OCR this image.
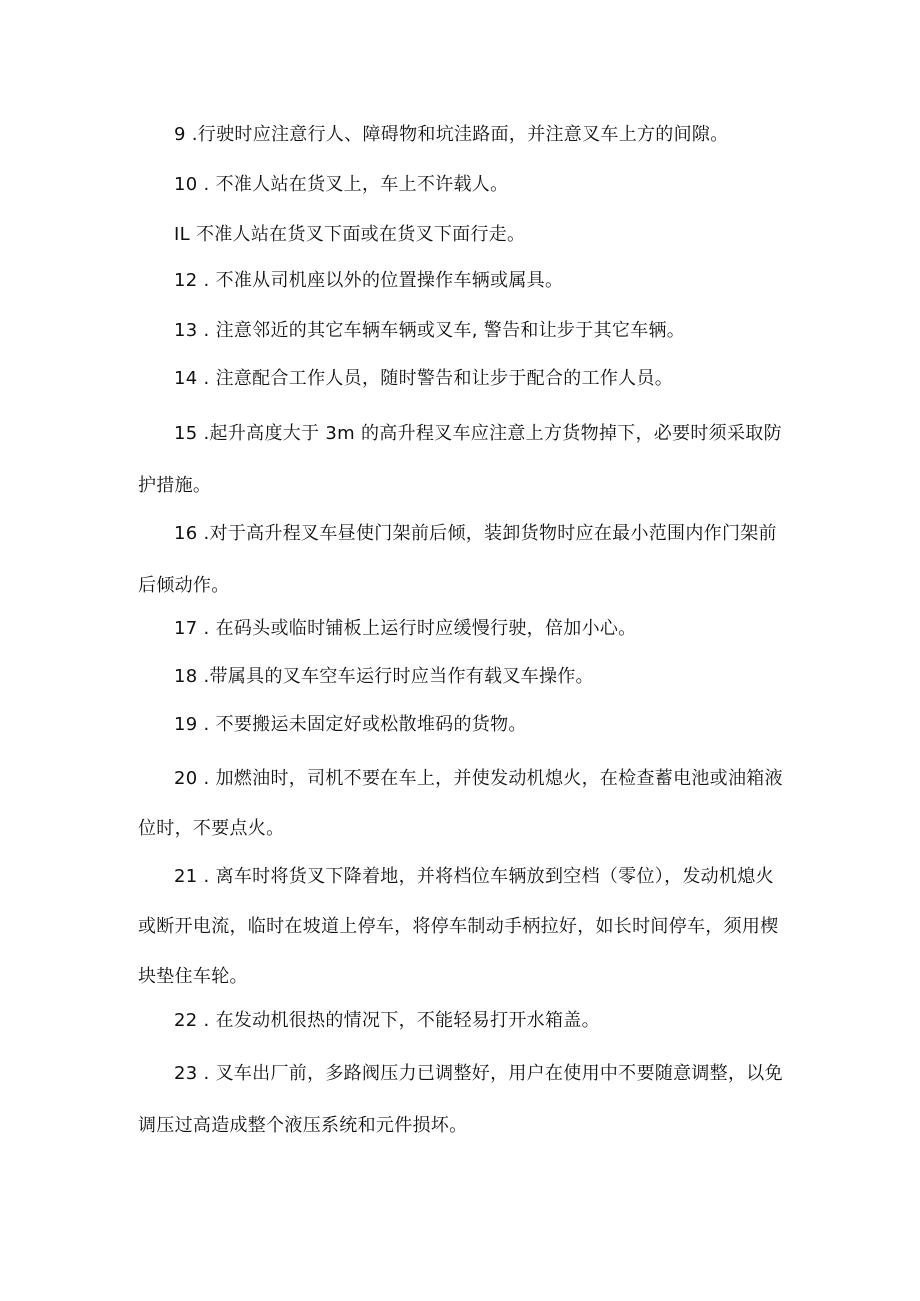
9 .行驶时应注意行人、障碍物和坑洼路面，并注意叉车上方的间隙。

10 . 不准人站在货叉上，车上不许载人。

IL 不准人站在货叉下面或在货叉下面行走。

12 . 不准从司机座以外的位置操作车辆或属具。

13 . 注意邻近的其它车辆车辆或叉车, 警告和让步于其它车辆。

14 . 注意配合工作人员，随时警告和让步于配合的工作人员。

15 .起升高度大于 3m 的高升程叉车应注意上方货物掉下，必要时须采取防护措施。

16 .对于高升程叉车昼使门架前后倾，装卸货物时应在最小范围内作门架前后倾动作。

17 . 在码头或临时铺板上运行时应缓慢行驶，倍加小心。

18 .带属具的叉车空车运行时应当作有载叉车操作。

19 . 不要搬运未固定好或松散堆码的货物。

20 . 加燃油时，司机不要在车上，并使发动机熄火，在检查蓄电池或油箱液位时，不要点火。

21 . 离车时将货叉下降着地，并将档位车辆放到空档（零位），发动机熄火或断开电流，临时在坡道上停车，将停车制动手柄拉好，如长时间停车，须用楔块垫住车轮。

22 . 在发动机很热的情况下，不能轻易打开水箱盖。

23 . 叉车出厂前，多路阀压力已调整好，用户在使用中不要随意调整，以免调压过高造成整个液压系统和元件损坏。
